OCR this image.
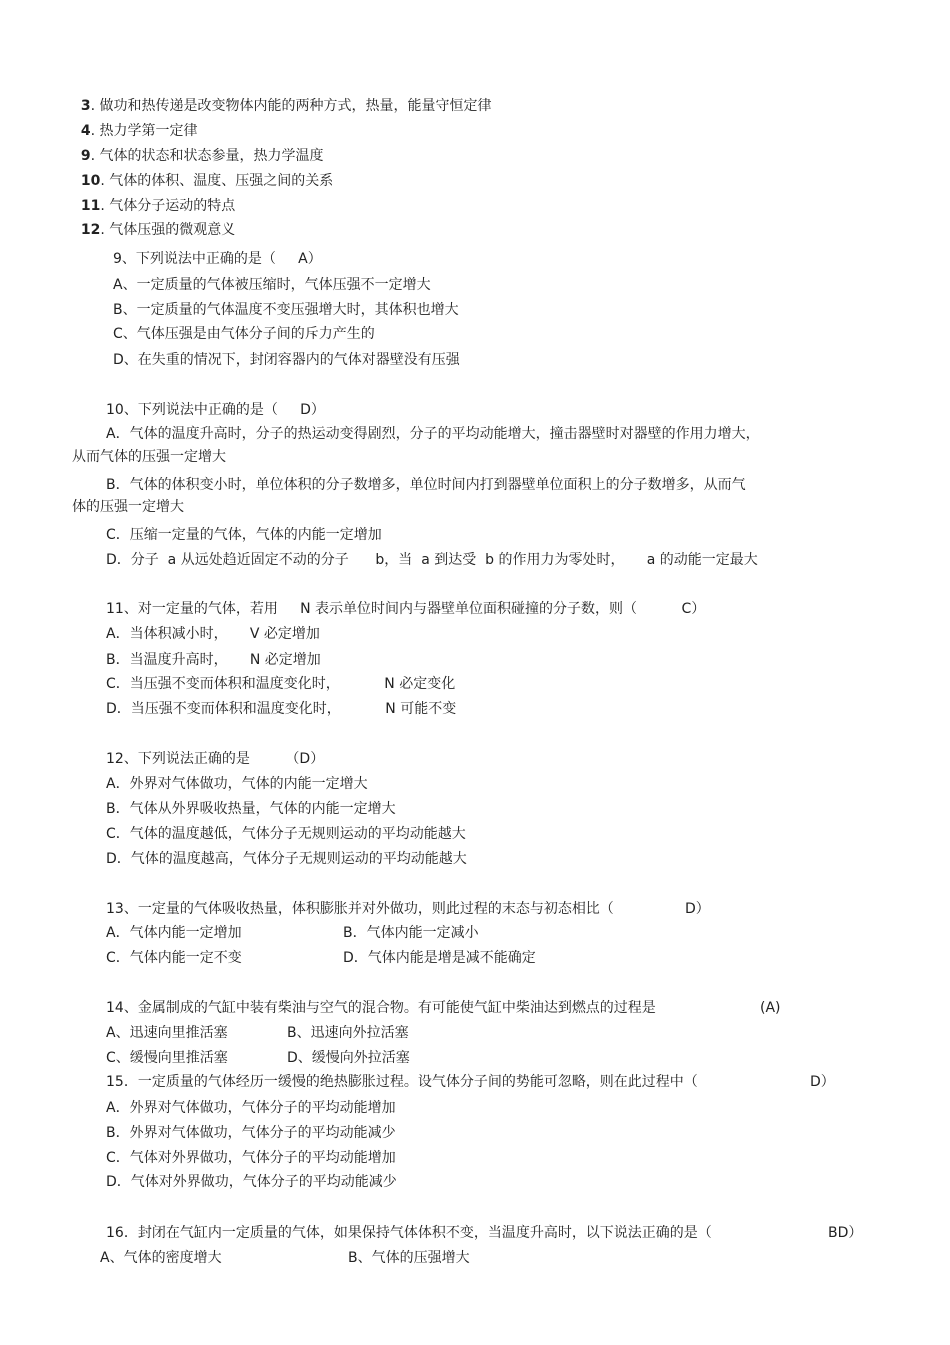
3. 做功和热传递是改变物体内能的两种方式，热量，能量守恒定律

4. 热力学第一定律

9. 气体的状态和状态参量，热力学温度

10. 气体的体积、温度、压强之间的关系

11. 气体分子运动的特点

12. 气体压强的微观意义

9、下列说法中正确的是（     A）
A、一定质量的气体被压缩时，气体压强不一定增大
B、一定质量的气体温度不变压强增大时，其体积也增大
C、气体压强是由气体分子间的斥力产生的
D、在失重的情况下，封闭容器内的气体对器壁没有压强
10、下列说法中正确的是（     D）
A．气体的温度升高时，分子的热运动变得剧烈，分子的平均动能增大，撞击器壁时对器壁的作用力增大，
从而气体的压强一定增大
B．气体的体积变小时，单位体积的分子数增多，单位时间内打到器壁单位面积上的分子数增多，从而气
体的压强一定增大
C．压缩一定量的气体，气体的内能一定增加
D．分子  a 从远处趋近固定不动的分子      b，当  a 到达受  b 的作用力为零处时，     a 的动能一定最大
11、对一定量的气体，若用     N 表示单位时间内与器壁单位面积碰撞的分子数，则（          C）
A．当体积减小时，     V 必定增加
B．当温度升高时，     N 必定增加
C．当压强不变而体积和温度变化时，          N 必定变化
D．当压强不变而体积和温度变化时，          N 可能不变
12、下列说法正确的是        （D）
A．外界对气体做功，气体的内能一定增大
B．气体从外界吸收热量，气体的内能一定增大
C．气体的温度越低，气体分子无规则运动的平均动能越大
D．气体的温度越高，气体分子无规则运动的平均动能越大
13、一定量的气体吸收热量，体积膨胀并对外做功，则此过程的末态与初态相比（                D）
A．气体内能一定增加	B．气体内能一定减小
C．气体内能一定不变	D．气体内能是增是减不能确定
14、金属制成的气缸中装有柴油与空气的混合物。有可能使气缸中柴油达到燃点的过程是	(A)
A、迅速向里推活塞	B、迅速向外拉活塞
C、缓慢向里推活塞	D、缓慢向外拉活塞
15．一定质量的气体经历一缓慢的绝热膨胀过程。设气体分子间的势能可忽略，则在此过程中（	D）
A．外界对气体做功，气体分子的平均动能增加
B．外界对气体做功，气体分子的平均动能减少
C．气体对外界做功，气体分子的平均动能增加
D．气体对外界做功，气体分子的平均动能减少
16．封闭在气缸内一定质量的气体，如果保持气体体积不变，当温度升高时，以下说法正确的是（	BD）
A、气体的密度增大	B、气体的压强增大
